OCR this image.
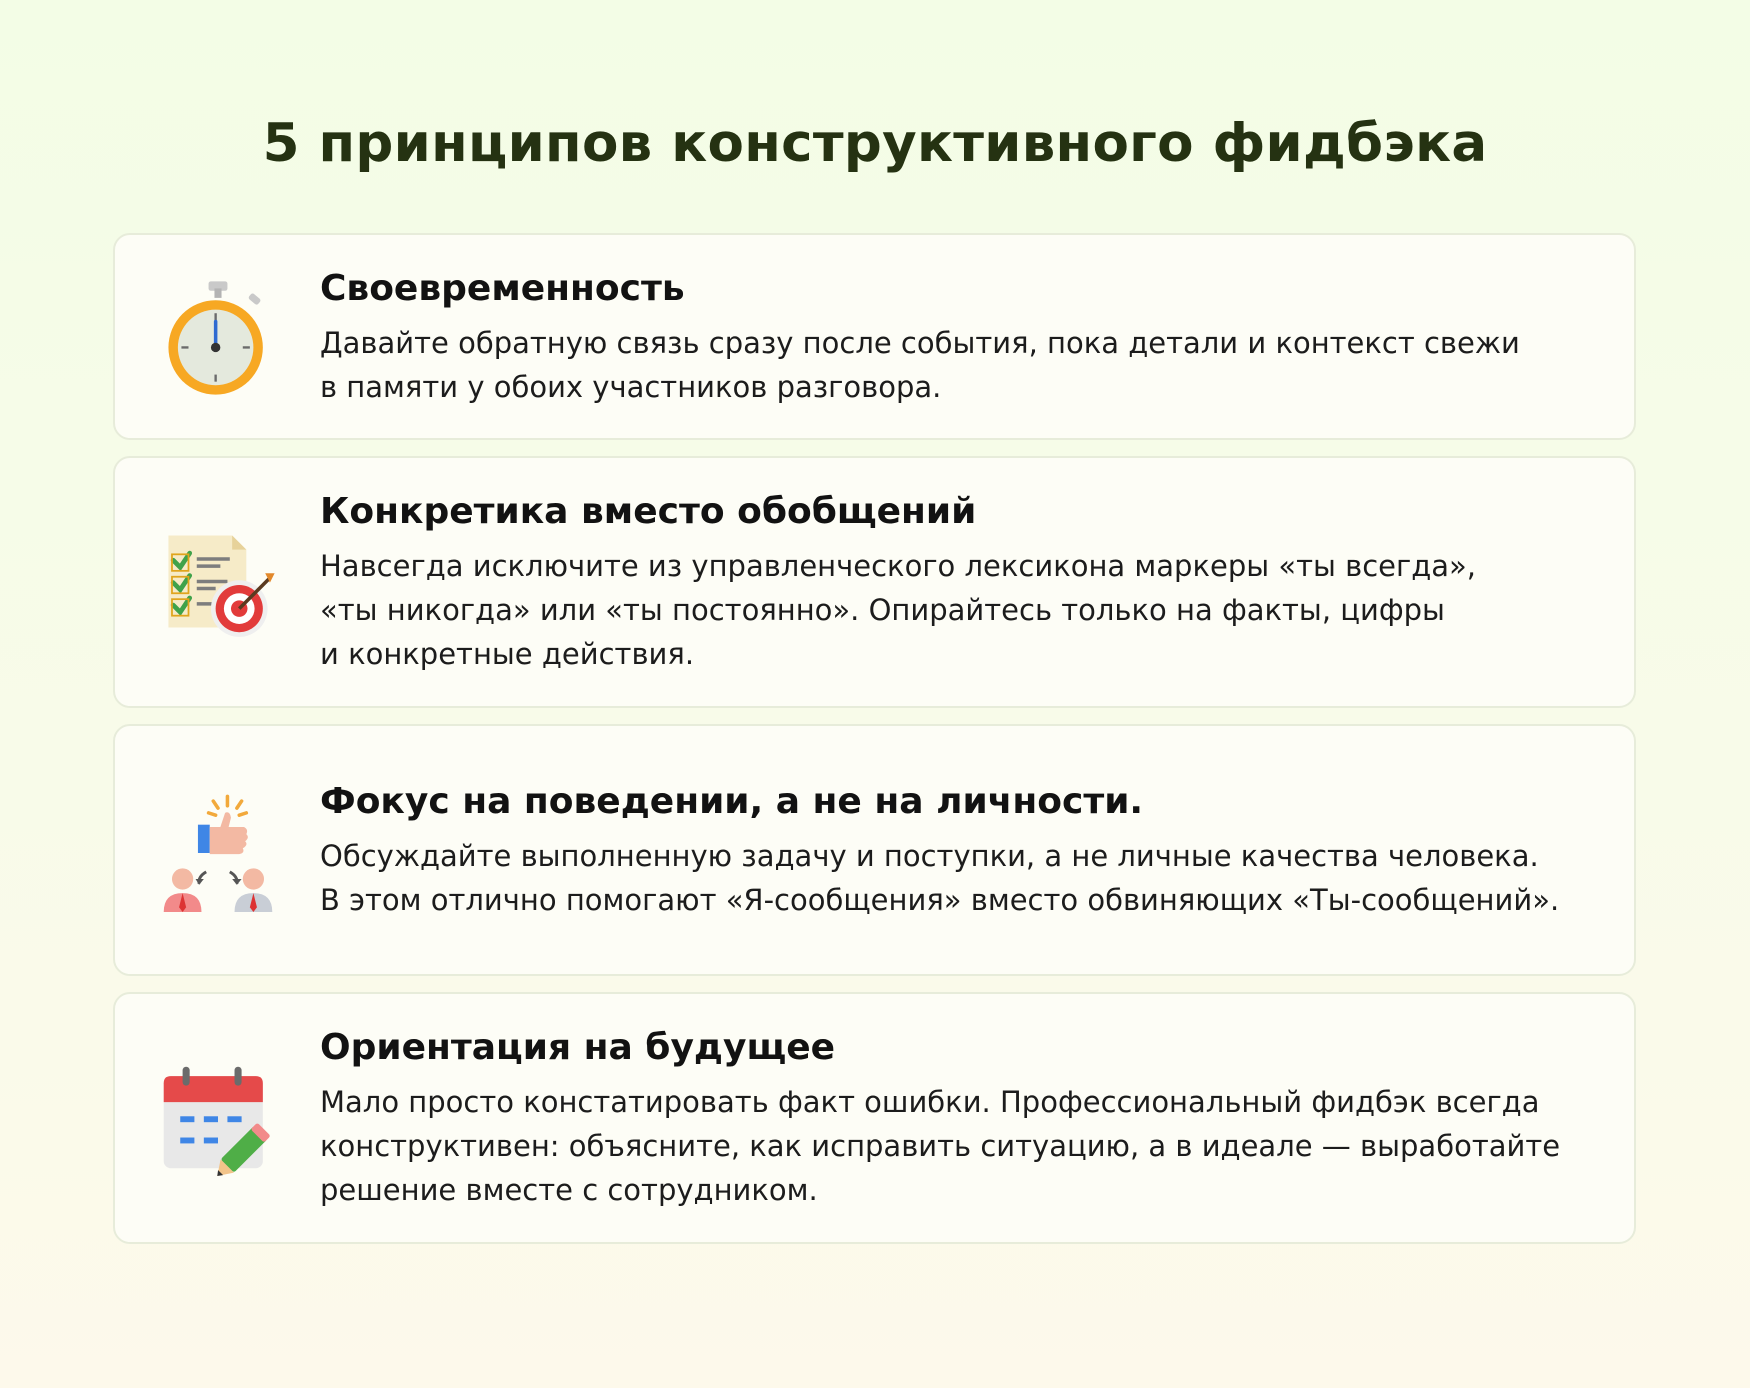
5 принципов конструктивного фидбэка
Своевременность
Давайте обратную связь сразу после события, пока детали и контекст свежи
в памяти у обоих участников разговора.
Конкретика вместо обобщений
Навсегда исключите из управленческого лексикона маркеры «ты всегда»,
«ты никогда» или «ты постоянно». Опирайтесь только на факты, цифры
и конкретные действия.
Фокус на поведении, а не на личности.
Обсуждайте выполненную задачу и поступки, а не личные качества человека.
В этом отлично помогают «Я-сообщения» вместо обвиняющих «Ты-сообщений».
Ориентация на будущее
Мало просто констатировать факт ошибки. Профессиональный фидбэк всегда
конструктивен: объясните, как исправить ситуацию, а в идеале — выработайте
решение вместе с сотрудником.
